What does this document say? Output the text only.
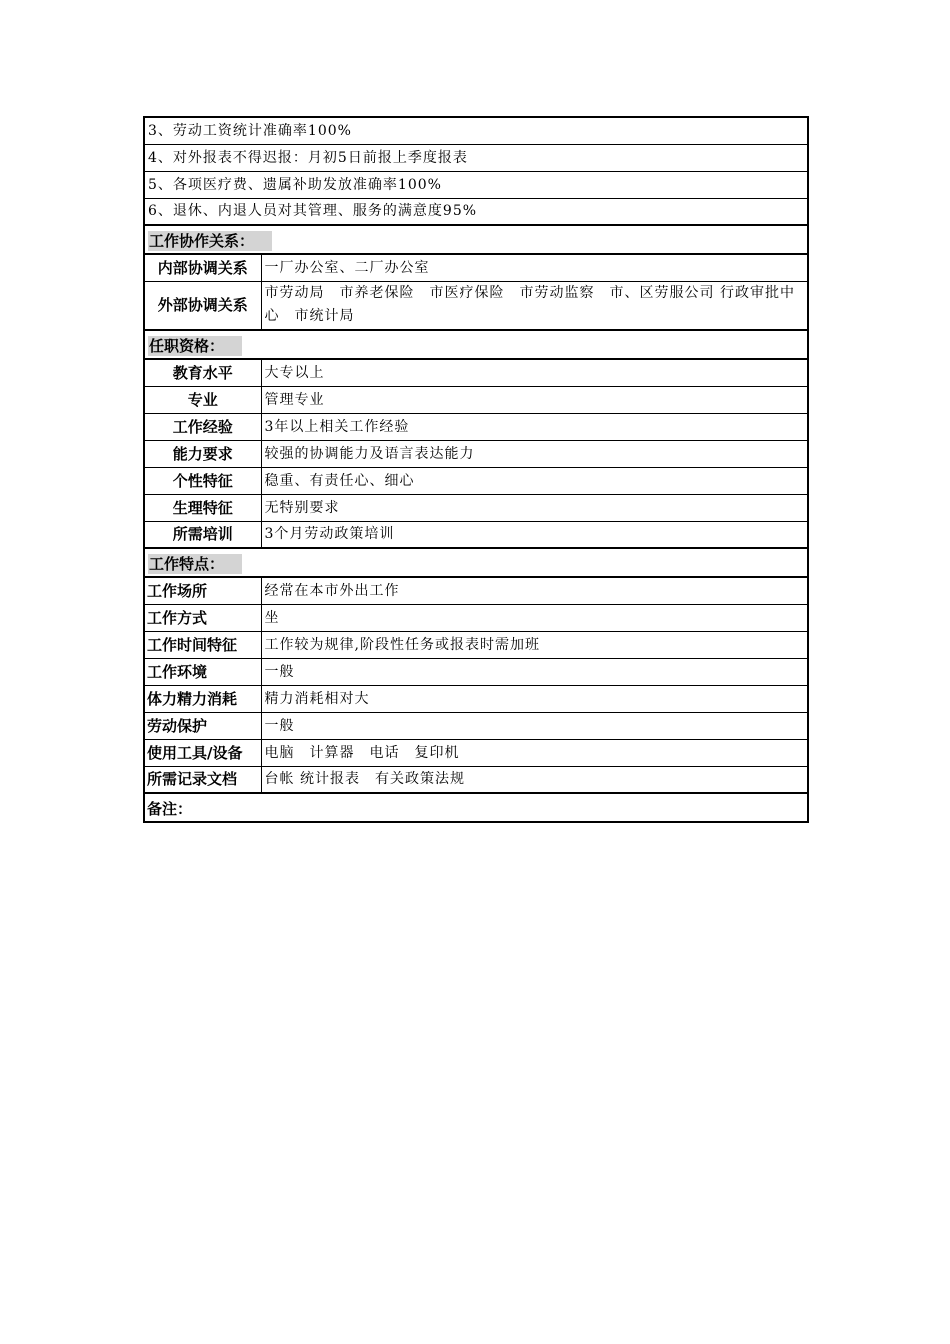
3、劳动工资统计准确率100%	
4、对外报表不得迟报：月初5日前报上季度报表	
5、各项医疗费、遗属补助发放准确率100%	
6、退休、内退人员对其管理、服务的满意度95%	
工作协作关系：	
内部协调关系	一厂办公室、二厂办公室
外部协调关系	市劳动局　市养老保险　市医疗保险　市劳动监察　市、区劳服公司 行政审批中心　市统计局
任职资格：	
教育水平	大专以上
专业	管理专业
工作经验	3年以上相关工作经验
能力要求	较强的协调能力及语言表达能力
个性特征	稳重、有责任心、细心
生理特征	无特别要求
所需培训	3个月劳动政策培训
工作特点：	
工作场所	经常在本市外出工作
工作方式	坐
工作时间特征	工作较为规律,阶段性任务或报表时需加班
工作环境	一般
体力精力消耗	精力消耗相对大
劳动保护	一般
使用工具/设备	电脑　计算器　电话　复印机
所需记录文档	台帐 统计报表　有关政策法规
备注：	
